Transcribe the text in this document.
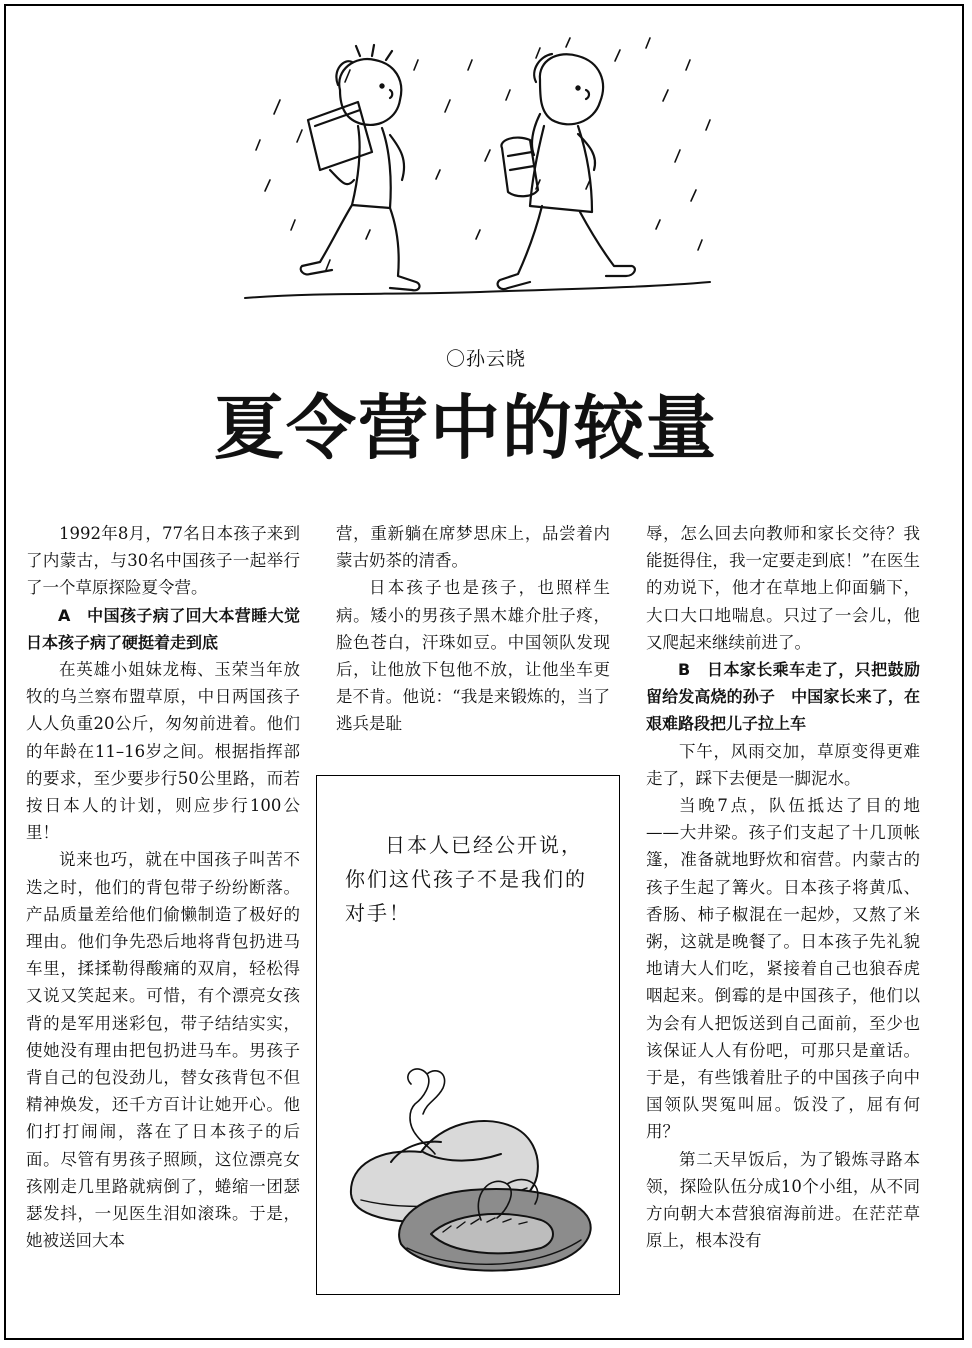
〇孙云晓
夏令营中的较量

1992年8月，77名日本孩子来到了内蒙古，与30名中国孩子一起举行了一个草原探险夏令营。

A　中国孩子病了回大本营睡大觉　日本孩子病了硬挺着走到底

在英雄小姐妹龙梅、玉荣当年放牧的乌兰察布盟草原，中日两国孩子人人负重20公斤，匆匆前进着。他们的年龄在11–16岁之间。根据指挥部的要求，至少要步行50公里路，而若按日本人的计划，则应步行100公里！

说来也巧，就在中国孩子叫苦不迭之时，他们的背包带子纷纷断落。产品质量差给他们偷懒制造了极好的理由。他们争先恐后地将背包扔进马车里，揉揉勒得酸痛的双肩，轻松得又说又笑起来。可惜，有个漂亮女孩背的是军用迷彩包，带子结结实实，使她没有理由把包扔进马车。男孩子背自己的包没劲儿，替女孩背包不但精神焕发，还千方百计让她开心。他们打打闹闹，落在了日本孩子的后面。尽管有男孩子照顾，这位漂亮女孩刚走几里路就病倒了，蜷缩一团瑟瑟发抖，一见医生泪如滚珠。于是，她被送回大本

营，重新躺在席梦思床上，品尝着内蒙古奶茶的清香。

日本孩子也是孩子，也照样生病。矮小的男孩子黑木雄介肚子疼，脸色苍白，汗珠如豆。中国领队发现后，让他放下包他不放，让他坐车更是不肯。他说：“我是来锻炼的，当了逃兵是耻

日本人已经公开说，你们这代孩子不是我们的对手！

辱，怎么回去向教师和家长交待？我能挺得住，我一定要走到底！”在医生的劝说下，他才在草地上仰面躺下，大口大口地喘息。只过了一会儿，他又爬起来继续前进了。

B　日本家长乘车走了，只把鼓励留给发高烧的孙子　中国家长来了，在艰难路段把儿子拉上车

下午，风雨交加，草原变得更难走了，踩下去便是一脚泥水。

当晚7点，队伍抵达了目的地——大井梁。孩子们支起了十几顶帐篷，准备就地野炊和宿营。内蒙古的孩子生起了篝火。日本孩子将黄瓜、香肠、柿子椒混在一起炒，又熬了米粥，这就是晚餐了。日本孩子先礼貌地请大人们吃，紧接着自己也狼吞虎咽起来。倒霉的是中国孩子，他们以为会有人把饭送到自己面前，至少也该保证人人有份吧，可那只是童话。于是，有些饿着肚子的中国孩子向中国领队哭冤叫屈。饭没了，屈有何用？

第二天早饭后，为了锻炼寻路本领，探险队伍分成10个小组，从不同方向朝大本营狼宿海前进。在茫茫草原上，根本没有
